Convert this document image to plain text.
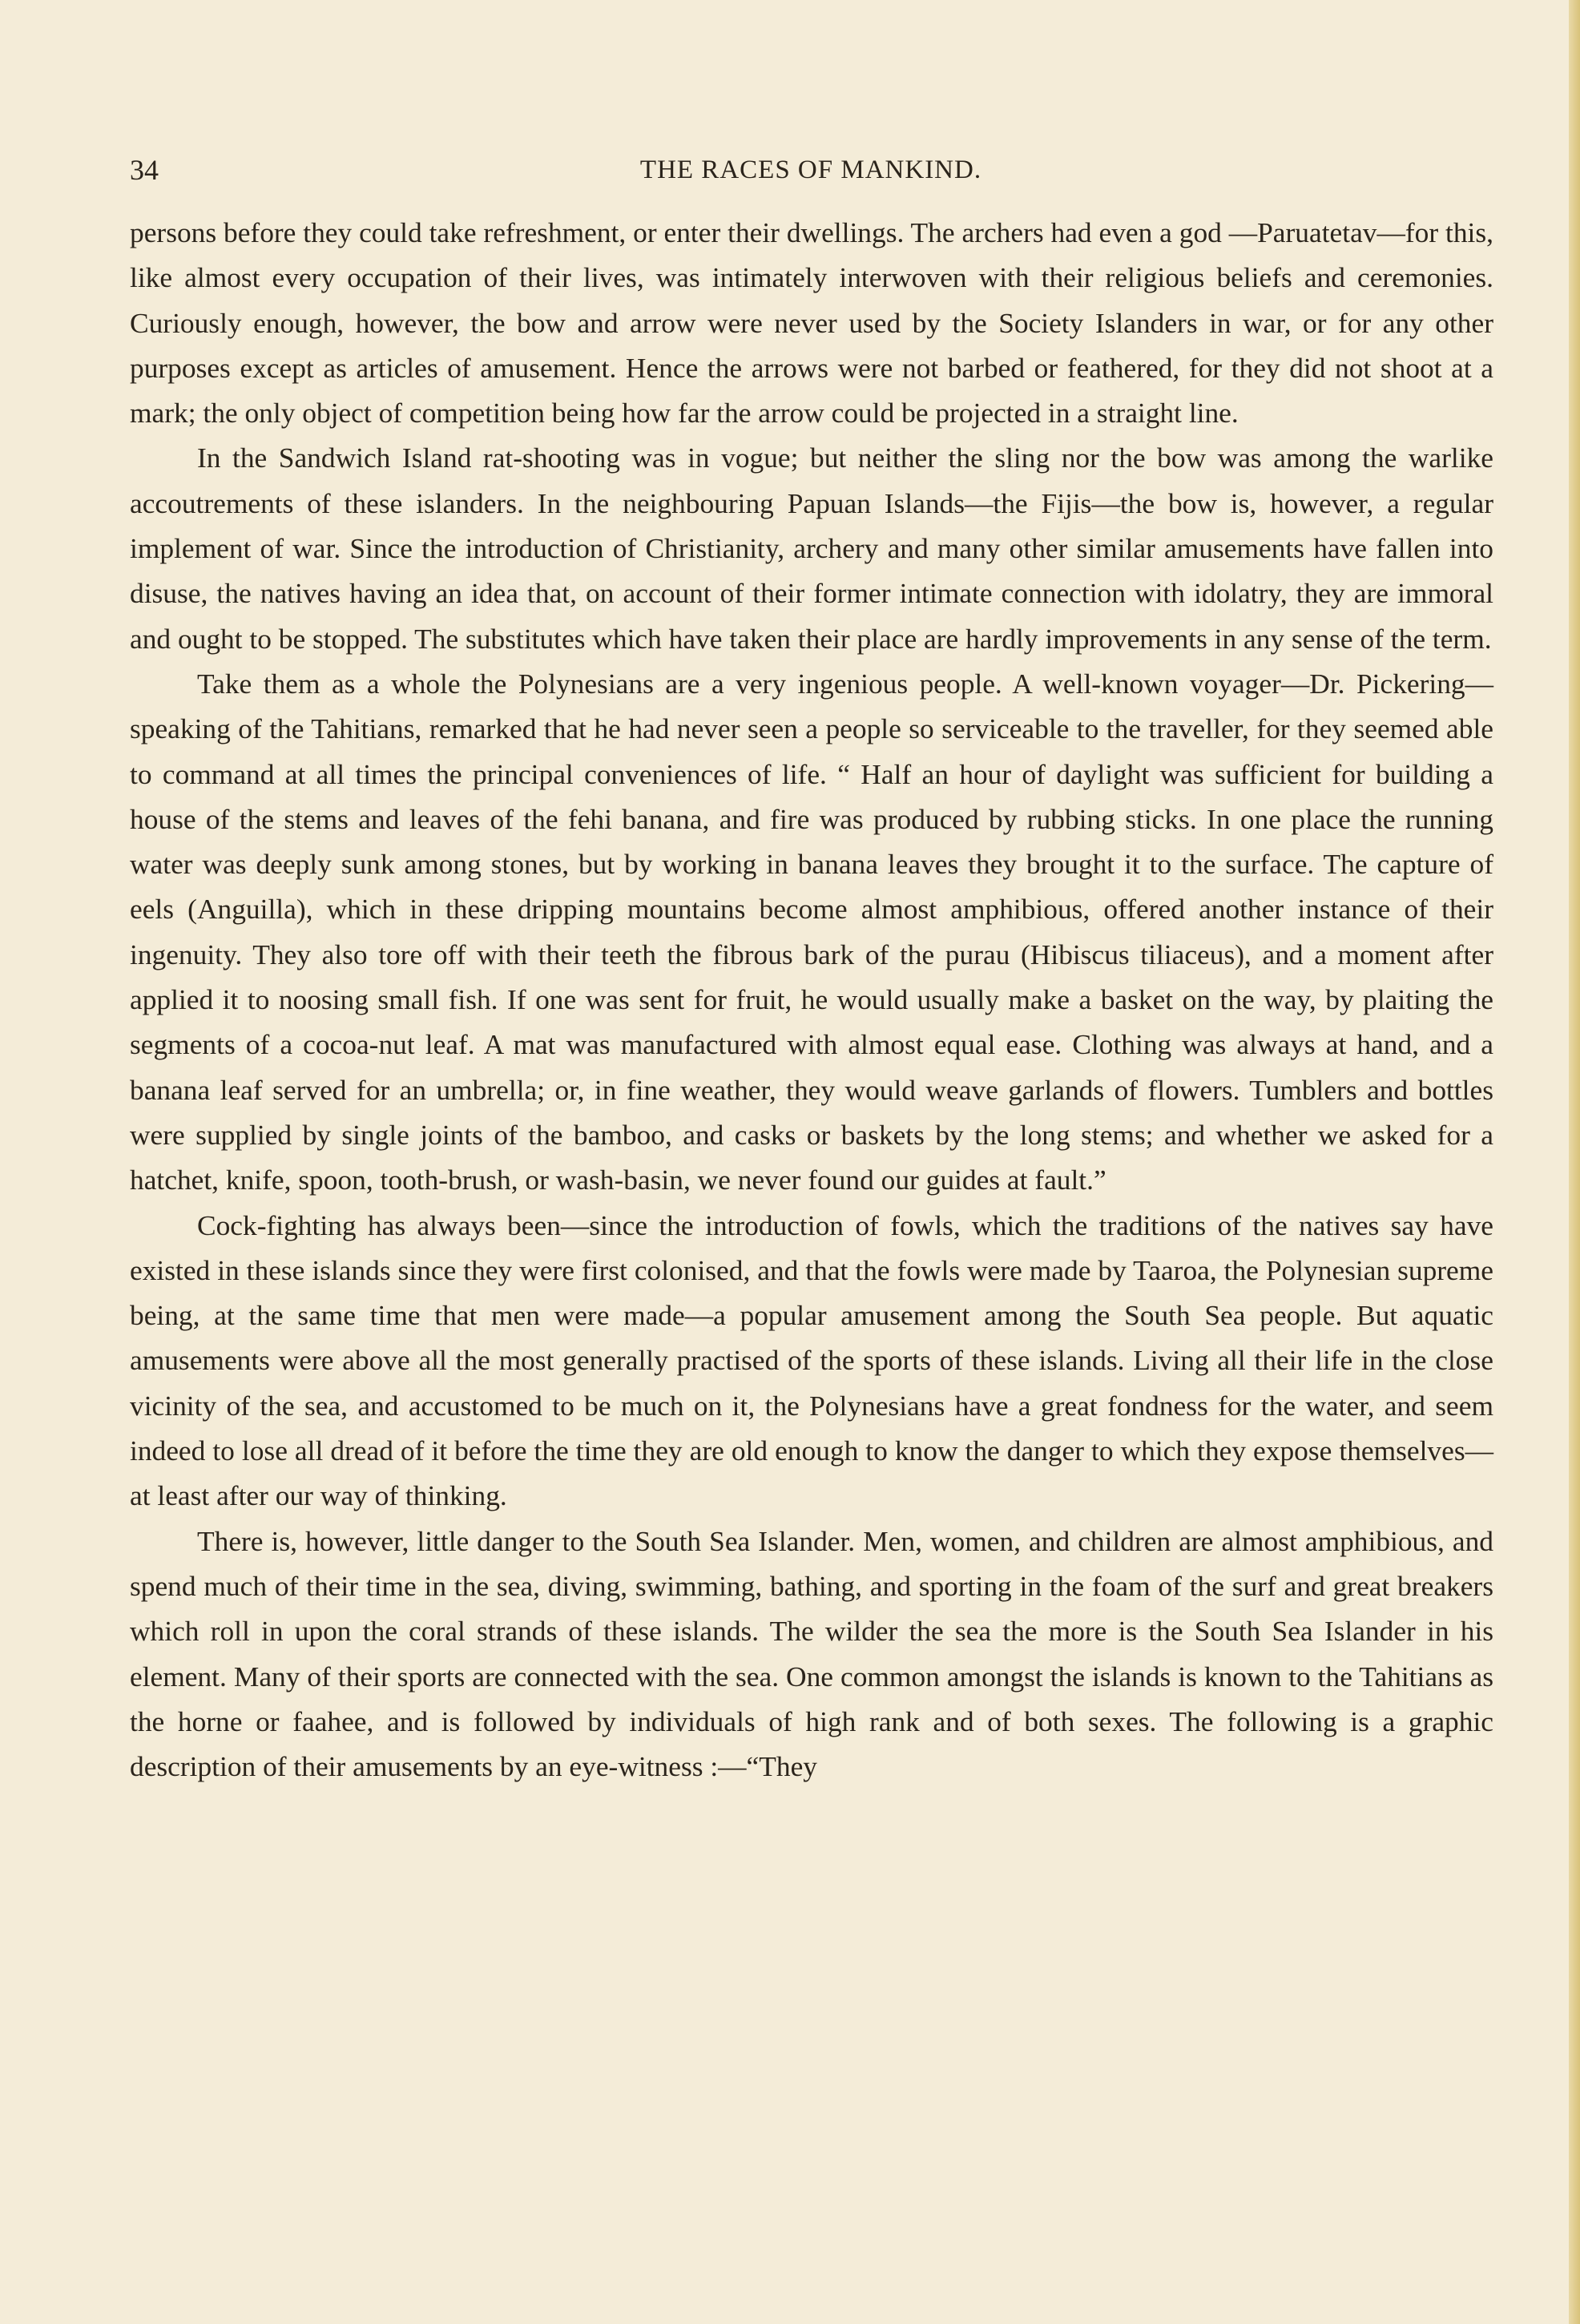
34	THE RACES OF MANKIND.

persons before they could take refreshment, or enter their dwellings. The archers had even a god —Paruatetav—for this, like almost every occupation of their lives, was intimately interwoven with their religious beliefs and ceremonies. Curiously enough, however, the bow and arrow were never used by the Society Islanders in war, or for any other purposes except as articles of amusement. Hence the arrows were not barbed or feathered, for they did not shoot at a mark; the only object of competition being how far the arrow could be projected in a straight line.

In the Sandwich Island rat-shooting was in vogue; but neither the sling nor the bow was among the warlike accoutrements of these islanders. In the neighbouring Papuan Islands—the Fijis—the bow is, however, a regular implement of war. Since the introduction of Christianity, archery and many other similar amusements have fallen into disuse, the natives having an idea that, on account of their former intimate connection with idolatry, they are immoral and ought to be stopped. The substitutes which have taken their place are hardly improvements in any sense of the term.

Take them as a whole the Polynesians are a very ingenious people. A well-known voyager—Dr. Pickering—speaking of the Tahitians, remarked that he had never seen a people so serviceable to the traveller, for they seemed able to command at all times the principal conveniences of life. “ Half an hour of daylight was sufficient for building a house of the stems and leaves of the fehi banana, and fire was produced by rubbing sticks. In one place the running water was deeply sunk among stones, but by working in banana leaves they brought it to the surface. The capture of eels (Anguilla), which in these dripping mountains become almost amphibious, offered another instance of their ingenuity. They also tore off with their teeth the fibrous bark of the purau (Hibiscus tiliaceus), and a moment after applied it to noosing small fish. If one was sent for fruit, he would usually make a basket on the way, by plaiting the segments of a cocoa-nut leaf. A mat was manufactured with almost equal ease. Clothing was always at hand, and a banana leaf served for an umbrella; or, in fine weather, they would weave garlands of flowers. Tumblers and bottles were supplied by single joints of the bamboo, and casks or baskets by the long stems; and whether we asked for a hatchet, knife, spoon, tooth-brush, or wash-basin, we never found our guides at fault.”

Cock-fighting has always been—since the introduction of fowls, which the traditions of the natives say have existed in these islands since they were first colonised, and that the fowls were made by Taaroa, the Polynesian supreme being, at the same time that men were made—a popular amusement among the South Sea people. But aquatic amusements were above all the most generally practised of the sports of these islands. Living all their life in the close vicinity of the sea, and accustomed to be much on it, the Polynesians have a great fondness for the water, and seem indeed to lose all dread of it before the time they are old enough to know the danger to which they expose themselves—at least after our way of thinking.

There is, however, little danger to the South Sea Islander. Men, women, and children are almost amphibious, and spend much of their time in the sea, diving, swimming, bathing, and sporting in the foam of the surf and great breakers which roll in upon the coral strands of these islands. The wilder the sea the more is the South Sea Islander in his element. Many of their sports are connected with the sea. One common amongst the islands is known to the Tahitians as the horne or faahee, and is followed by individuals of high rank and of both sexes. The following is a graphic description of their amusements by an eye-witness :—“They
